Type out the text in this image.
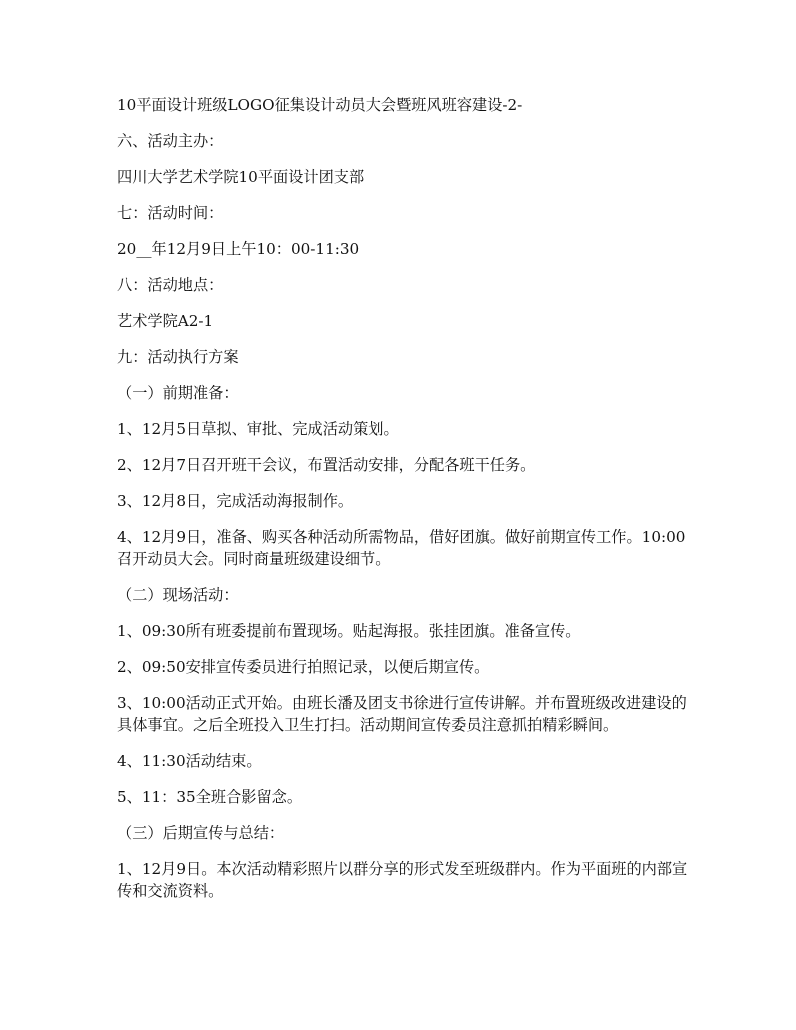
10平面设计班级LOGO征集设计动员大会暨班风班容建设-2-

六、活动主办：

四川大学艺术学院10平面设计团支部

七：活动时间：

20__年12月9日上午10：00-11:30

八：活动地点：

艺术学院A2-1

九：活动执行方案

（一）前期准备：

1、12月5日草拟、审批、完成活动策划。

2、12月7日召开班干会议，布置活动安排，分配各班干任务。

3、12月8日，完成活动海报制作。

4、12月9日，准备、购买各种活动所需物品，借好团旗。做好前期宣传工作。10:00召开动员大会。同时商量班级建设细节。

（二）现场活动：

1、09:30所有班委提前布置现场。贴起海报。张挂团旗。准备宣传。

2、09:50安排宣传委员进行拍照记录，以便后期宣传。

3、10:00活动正式开始。由班长潘及团支书徐进行宣传讲解。并布置班级改进建设的具体事宜。之后全班投入卫生打扫。活动期间宣传委员注意抓拍精彩瞬间。

4、11:30活动结束。

5、11：35全班合影留念。

（三）后期宣传与总结：

1、12月9日。本次活动精彩照片以群分享的形式发至班级群内。作为平面班的内部宣传和交流资料。
